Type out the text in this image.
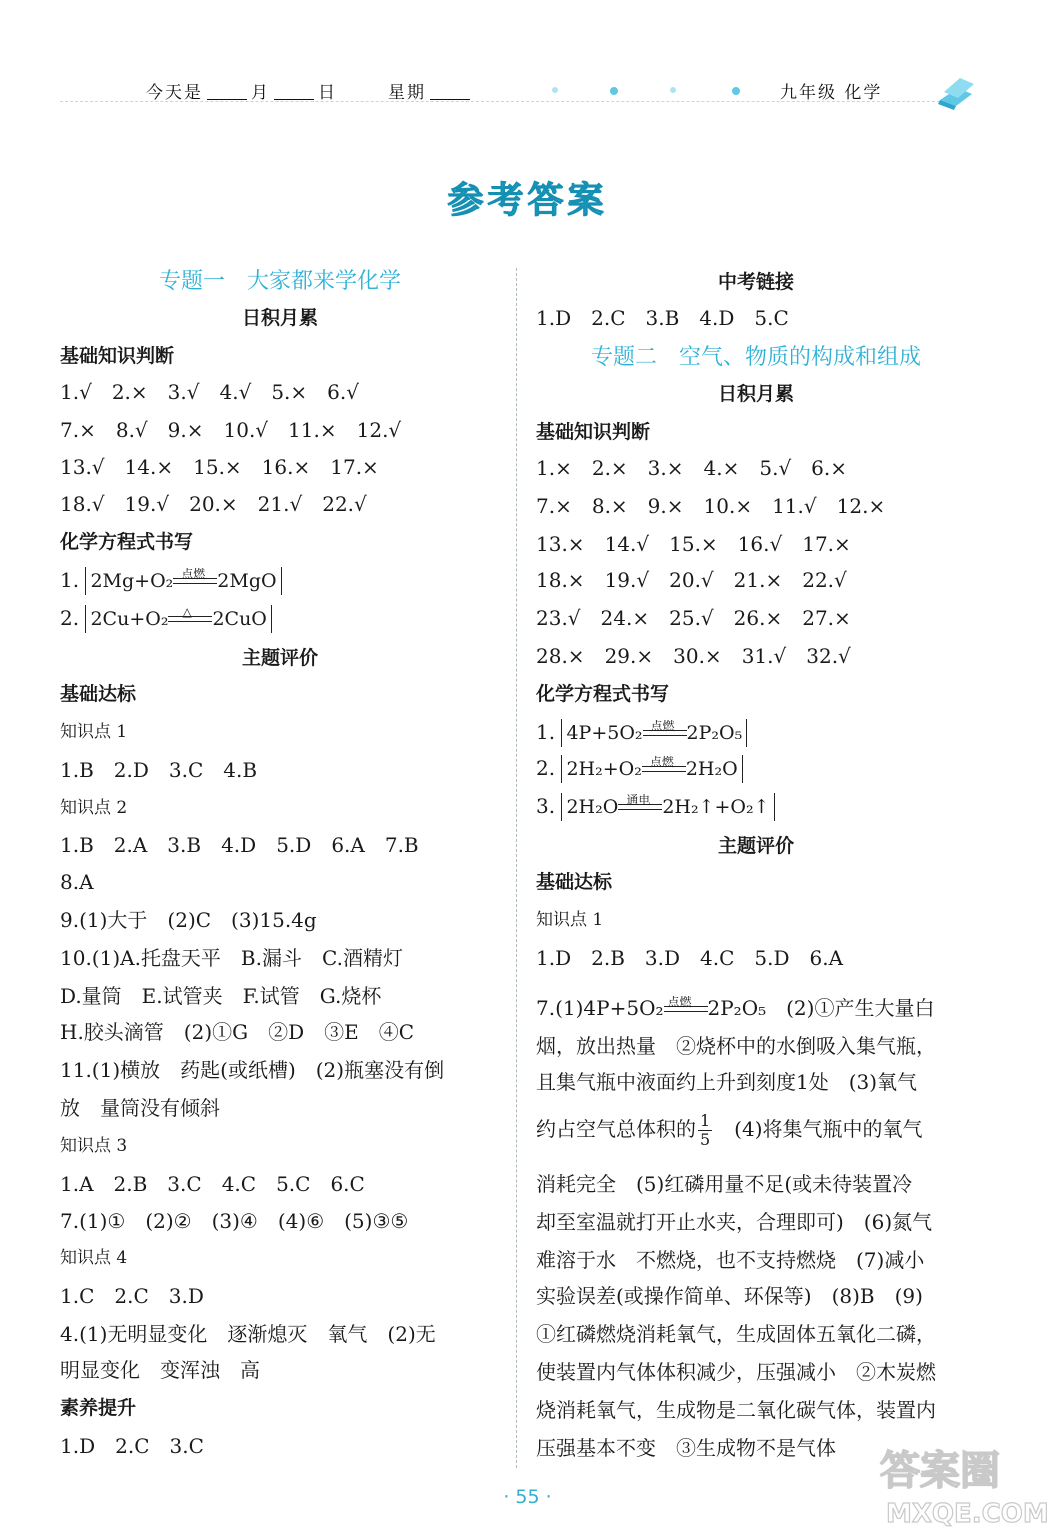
今天是	月	日	星期	九年级 化学
参考答案
专题一　大家都来学化学
日积月累
基础知识判断
1.√　2.×　3.√　4.√　5.×　6.√
7.×　8.√　9.×　10.√　11.×　12.√
13.√　14.×　15.×　16.×　17.×
18.√　19.√　20.×　21.√　22.√
化学方程式书写
1. 2Mg+O₂ 点燃 2MgO
2. 2Cu+O₂ △ 2CuO
主题评价
基础达标
知识点 1
1.B　2.D　3.C　4.B
知识点 2
1.B　2.A　3.B　4.D　5.D　6.A　7.B
8.A
9.(1)大于　(2)C　(3)15.4g
10.(1)A.托盘天平　B.漏斗　C.酒精灯
D.量筒　E.试管夹　F.试管　G.烧杯
H.胶头滴管　(2)①G　②D　③E　④C
11.(1)横放　药匙(或纸槽)　(2)瓶塞没有倒
放　量筒没有倾斜
知识点 3
1.A　2.B　3.C　4.C　5.C　6.C
7.(1)①　(2)②　(3)④　(4)⑥　(5)③⑤
知识点 4
1.C　2.C　3.D
4.(1)无明显变化　逐渐熄灭　氧气　(2)无
明显变化　变浑浊　高
素养提升
1.D　2.C　3.C
中考链接
1.D　2.C　3.B　4.D　5.C
专题二　空气、物质的构成和组成
日积月累
基础知识判断
1.×　2.×　3.×　4.×　5.√　6.×
7.×　8.×　9.×　10.×　11.√　12.×
13.×　14.√　15.×　16.√　17.×
18.×　19.√　20.√　21.×　22.√
23.√　24.×　25.√　26.×　27.×
28.×　29.×　30.×　31.√　32.√
化学方程式书写
1. 4P+5O₂ 点燃 2P₂O₅
2. 2H₂+O₂ 点燃 2H₂O
3. 2H₂O 通电 2H₂↑+O₂↑
主题评价
基础达标
知识点 1
1.D　2.B　3.D　4.C　5.D　6.A
7.(1)4P+5O₂ 点燃 2P₂O₅　(2)①产生大量白
烟，放出热量　②烧杯中的水倒吸入集气瓶，
且集气瓶中液面约上升到刻度1处　(3)氧气
约占空气总体积的 $\frac{1}{5}$ 　(4)将集气瓶中的氧气
消耗完全　(5)红磷用量不足(或未待装置冷
却至室温就打开止水夹，合理即可)　(6)氮气
难溶于水　不燃烧，也不支持燃烧　(7)减小
实验误差(或操作简单、环保等)　(8)B　(9)
①红磷燃烧消耗氧气，生成固体五氧化二磷，
使装置内气体体积减少，压强减小　②木炭燃
烧消耗氧气，生成物是二氧化碳气体，装置内
压强基本不变　③生成物不是气体
· 55 ·
答案圈
MXQE.COM
